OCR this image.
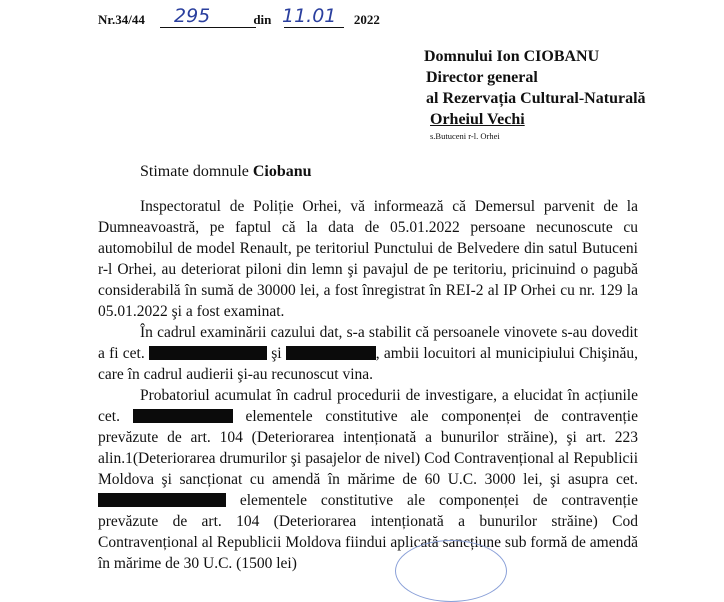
Nr.34/44 295	din 11.01 2022
Domnului Ion CIOBANU
Director general
al Rezervația Cultural-Naturală
Orheiul Vechi
s.Butuceni r-l. Orhei
Stimate domnule Ciobanu

Inspectoratul de Poliție Orhei, vă informează că Demersul parvenit de la Dumneavoastră, pe faptul că la data de 05.01.2022 persoane necunoscute cu automobilul de model Renault, pe teritoriul Punctului de Belvedere din satul Butuceni r-l Orhei, au deteriorat piloni din lemn şi pavajul de pe teritoriu, pricinuind o pagubă considerabilă în sumă de 30000 lei, a fost înregistrat în REI-2 al IP Orhei cu nr. 129 la 05.01.2022 şi a fost examinat.

În cadrul examinării cazului dat, s-a stabilit că persoanele vinovete s-au dovedit a fi cet.	şi	, ambii locuitori al municipiului Chişinău, care în cadrul audierii şi-au recunoscut vina.

Probatoriul acumulat în cadrul procedurii de investigare, a elucidat în acțiunile cet.	elementele constitutive ale componenței de contravenție prevăzute de art. 104 (Deteriorarea intenționată a bunurilor străine), şi art. 223 alin.1(Deteriorarea drumurilor şi pasajelor de nivel) Cod Contravențional al Republicii Moldova şi sancționat cu amendă în mărime de 60 U.C. 3000 lei, şi asupra cet.  elementele constitutive ale componenței de contravenție prevăzute de art. 104 (Deteriorarea intenționată a bunurilor străine) Cod Contravențional al Republicii Moldova fiindui aplicată sancțiune sub formă de amendă în mărime de 30 U.C. (1500 lei)
